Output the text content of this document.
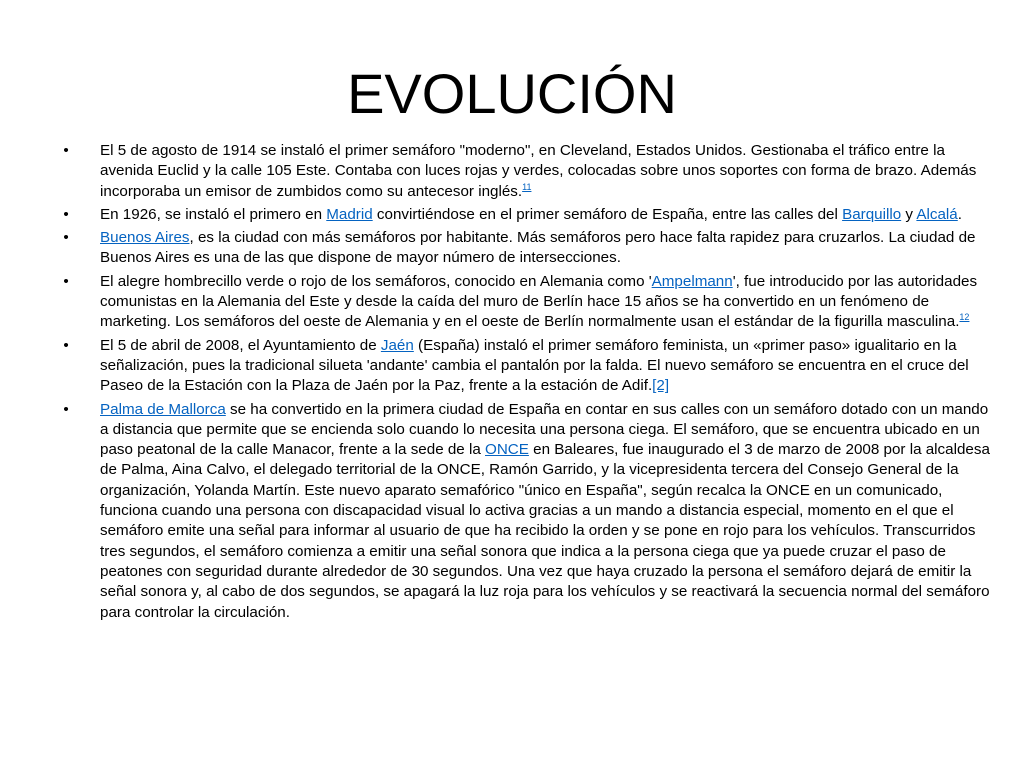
EVOLUCIÓN
• El 5 de agosto de 1914 se instaló el primer semáforo "moderno", en Cleveland, Estados Unidos. Gestionaba el tráfico entre la avenida Euclid y la calle 105 Este. Contaba con luces rojas y verdes, colocadas sobre unos soportes con forma de brazo. Además incorporaba un emisor de zumbidos como su antecesor inglés.$^{11}$
• En 1926, se instaló el primero en Madrid convirtiéndose en el primer semáforo de España, entre las calles del Barquillo y Alcalá.
• Buenos Aires, es la ciudad con más semáforos por habitante. Más semáforos pero hace falta rapidez para cruzarlos. La ciudad de Buenos Aires es una de las que dispone de mayor número de intersecciones.
• El alegre hombrecillo verde o rojo de los semáforos, conocido en Alemania como 'Ampelmann', fue introducido por las autoridades comunistas en la Alemania del Este y desde la caída del muro de Berlín hace 15 años se ha convertido en un fenómeno de marketing. Los semáforos del oeste de Alemania y en el oeste de Berlín normalmente usan el estándar de la figurilla masculina.$^{12}$
• El 5 de abril de 2008, el Ayuntamiento de Jaén (España) instaló el primer semáforo feminista, un «primer paso» igualitario en la señalización, pues la tradicional silueta 'andante' cambia el pantalón por la falda. El nuevo semáforo se encuentra en el cruce del Paseo de la Estación con la Plaza de Jaén por la Paz, frente a la estación de Adif.[2]
• Palma de Mallorca se ha convertido en la primera ciudad de España en contar en sus calles con un semáforo dotado con un mando a distancia que permite que se encienda solo cuando lo necesita una persona ciega. El semáforo, que se encuentra ubicado en un paso peatonal de la calle Manacor, frente a la sede de la ONCE en Baleares, fue inaugurado el 3 de marzo de 2008 por la alcaldesa de Palma, Aina Calvo, el delegado territorial de la ONCE, Ramón Garrido, y la vicepresidenta tercera del Consejo General de la organización, Yolanda Martín. Este nuevo aparato semafórico "único en España", según recalca la ONCE en un comunicado, funciona cuando una persona con discapacidad visual lo activa gracias a un mando a distancia especial, momento en el que el semáforo emite una señal para informar al usuario de que ha recibido la orden y se pone en rojo para los vehículos. Transcurridos tres segundos, el semáforo comienza a emitir una señal sonora que indica a la persona ciega que ya puede cruzar el paso de peatones con seguridad durante alrededor de 30 segundos. Una vez que haya cruzado la persona el semáforo dejará de emitir la señal sonora y, al cabo de dos segundos, se apagará la luz roja para los vehículos y se reactivará la secuencia normal del semáforo para controlar la circulación.
